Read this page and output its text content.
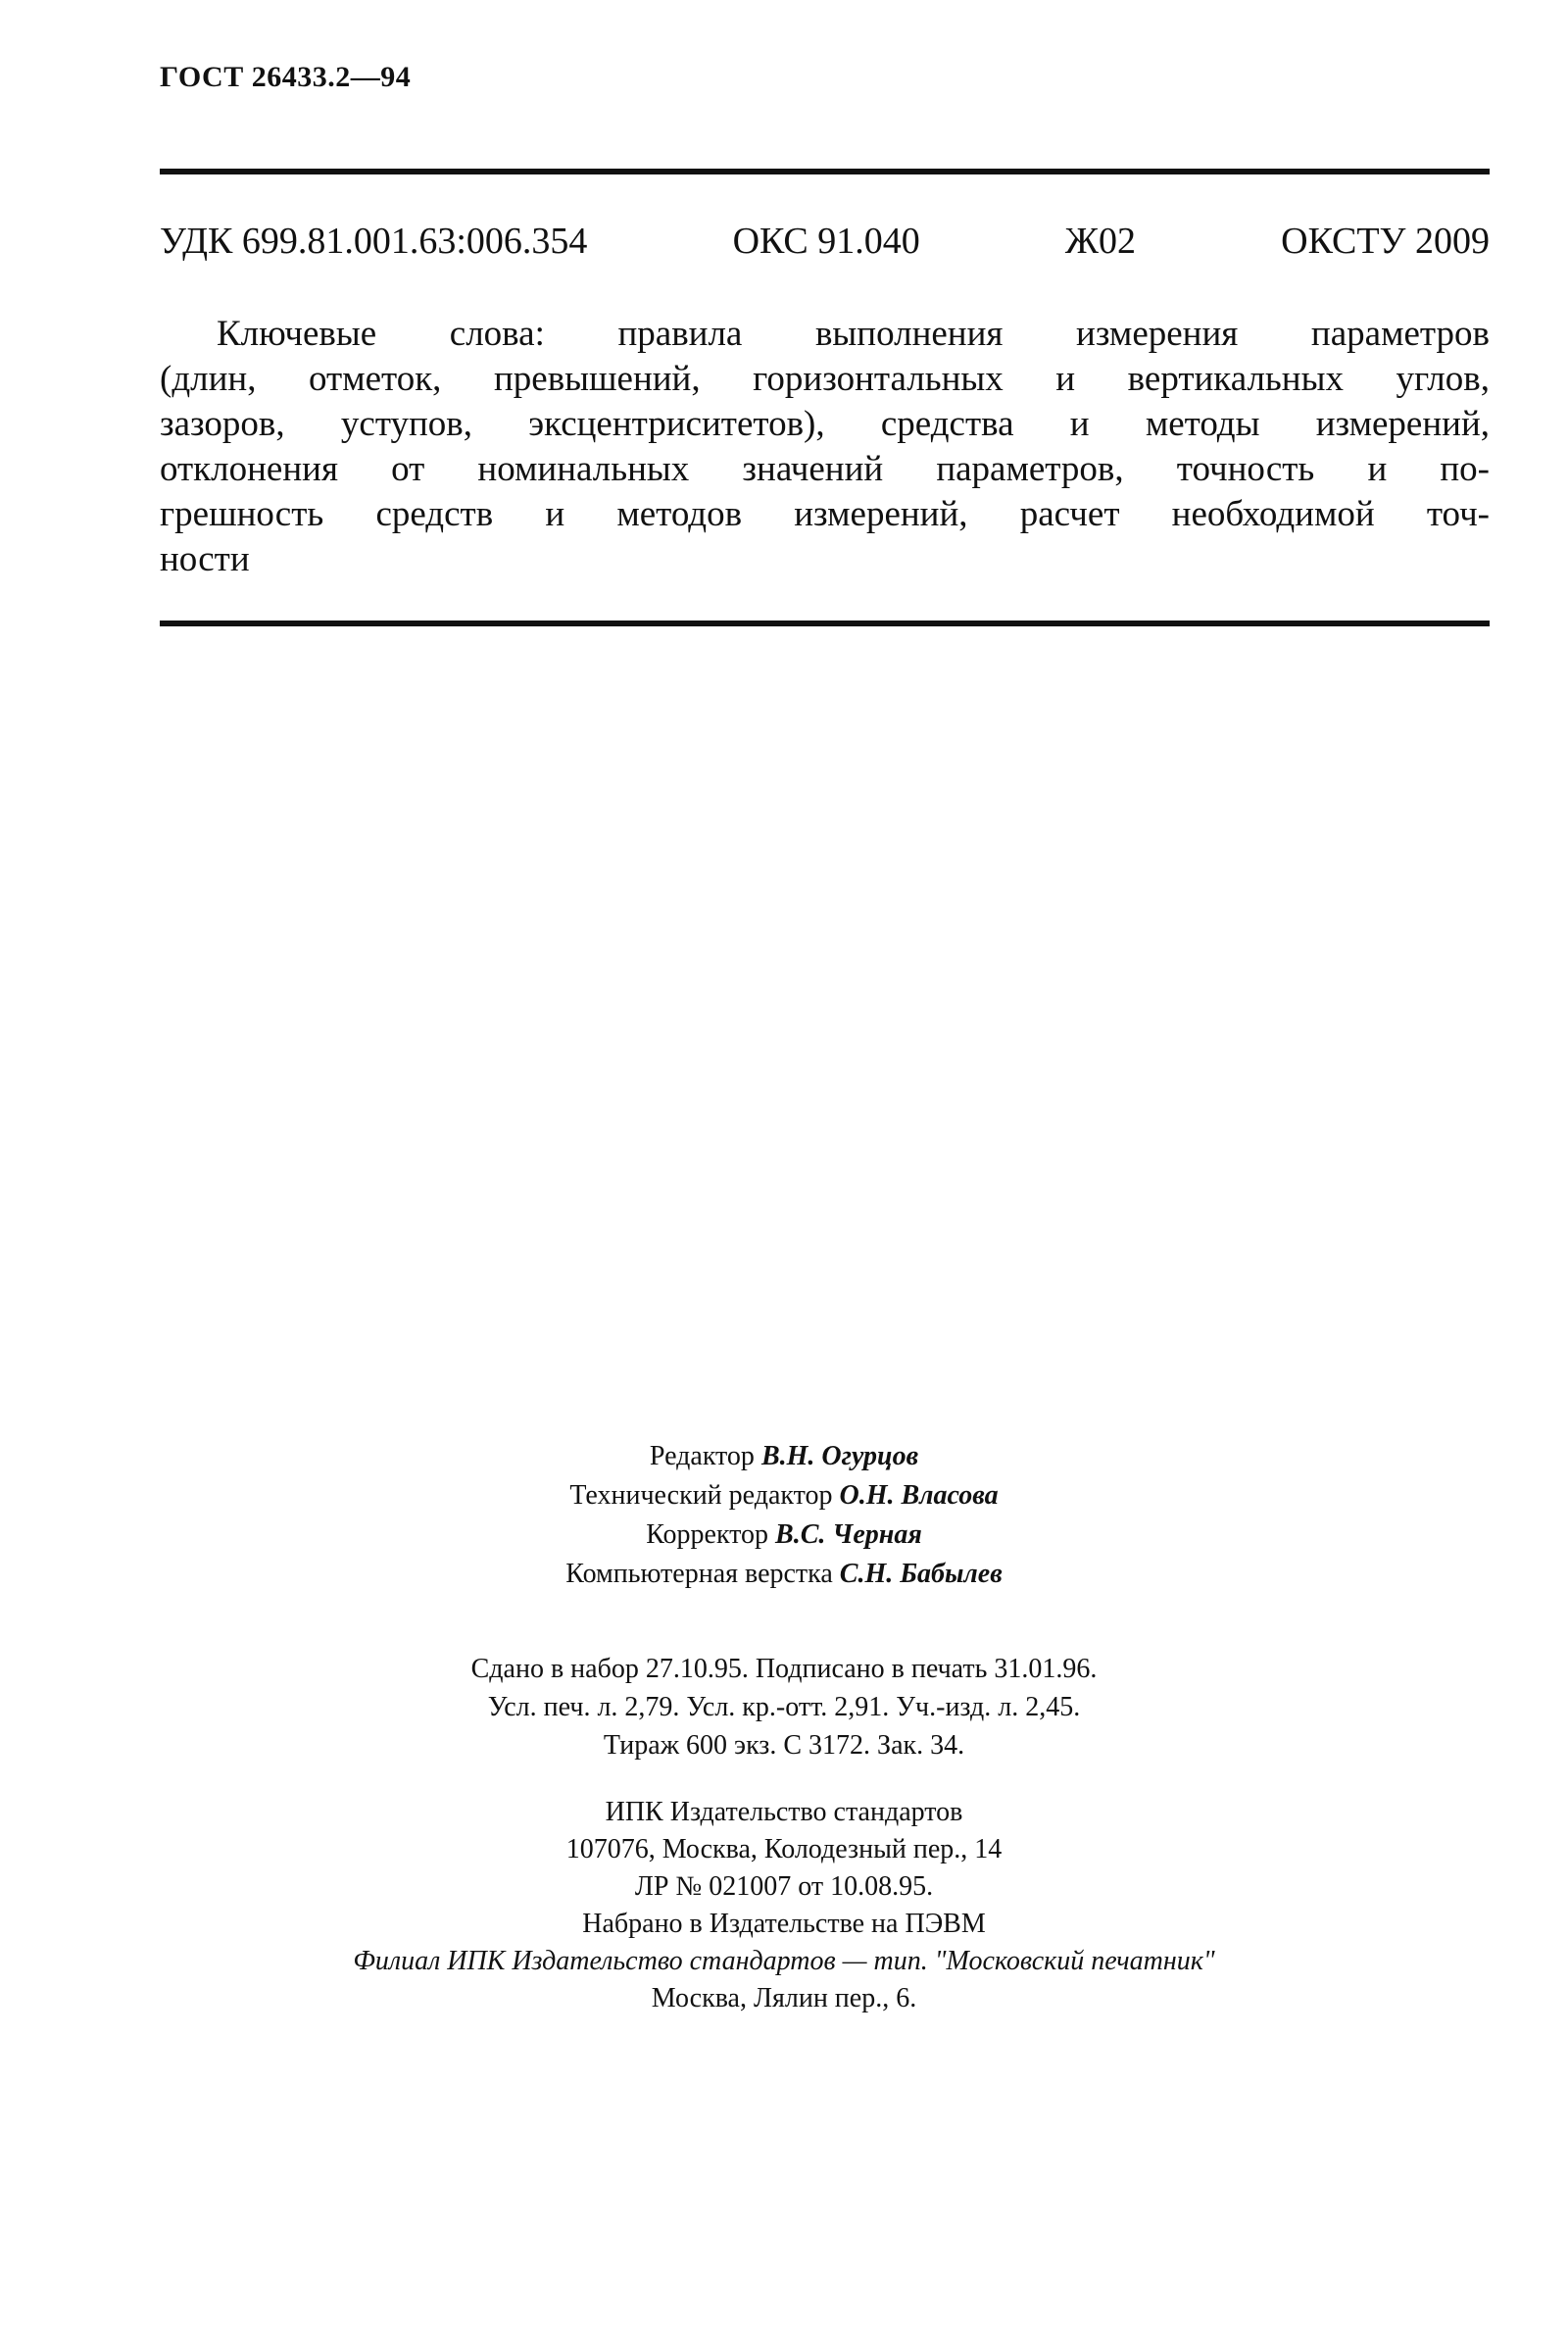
ГОСТ 26433.2—94
УДК 699.81.001.63:006.354	ОКС 91.040	Ж02	ОКСТУ 2009
Ключевые слова: правила выполнения измерения параметров
(длин, отметок, превышений, горизонтальных и вертикальных углов,
зазоров, уступов, эксцентриситетов), средства и методы измерений,
отклонения от номинальных значений параметров, точность и по-
грешность средств и методов измерений, расчет необходимой точ-
ности
Редактор В.Н. Огурцов
Технический редактор О.Н. Власова
Корректор В.С. Черная
Компьютерная верстка С.Н. Бабылев
Сдано в набор 27.10.95. Подписано в печать 31.01.96.
Усл. печ. л. 2,79. Усл. кр.-отт. 2,91. Уч.-изд. л. 2,45.
Тираж 600 экз. С 3172. Зак. 34.
ИПК Издательство стандартов
107076, Москва, Колодезный пер., 14
ЛР № 021007 от 10.08.95.
Набрано в Издательстве на ПЭВМ
Филиал ИПК Издательство стандартов — тип. "Московский печатник"
Москва, Лялин пер., 6.
